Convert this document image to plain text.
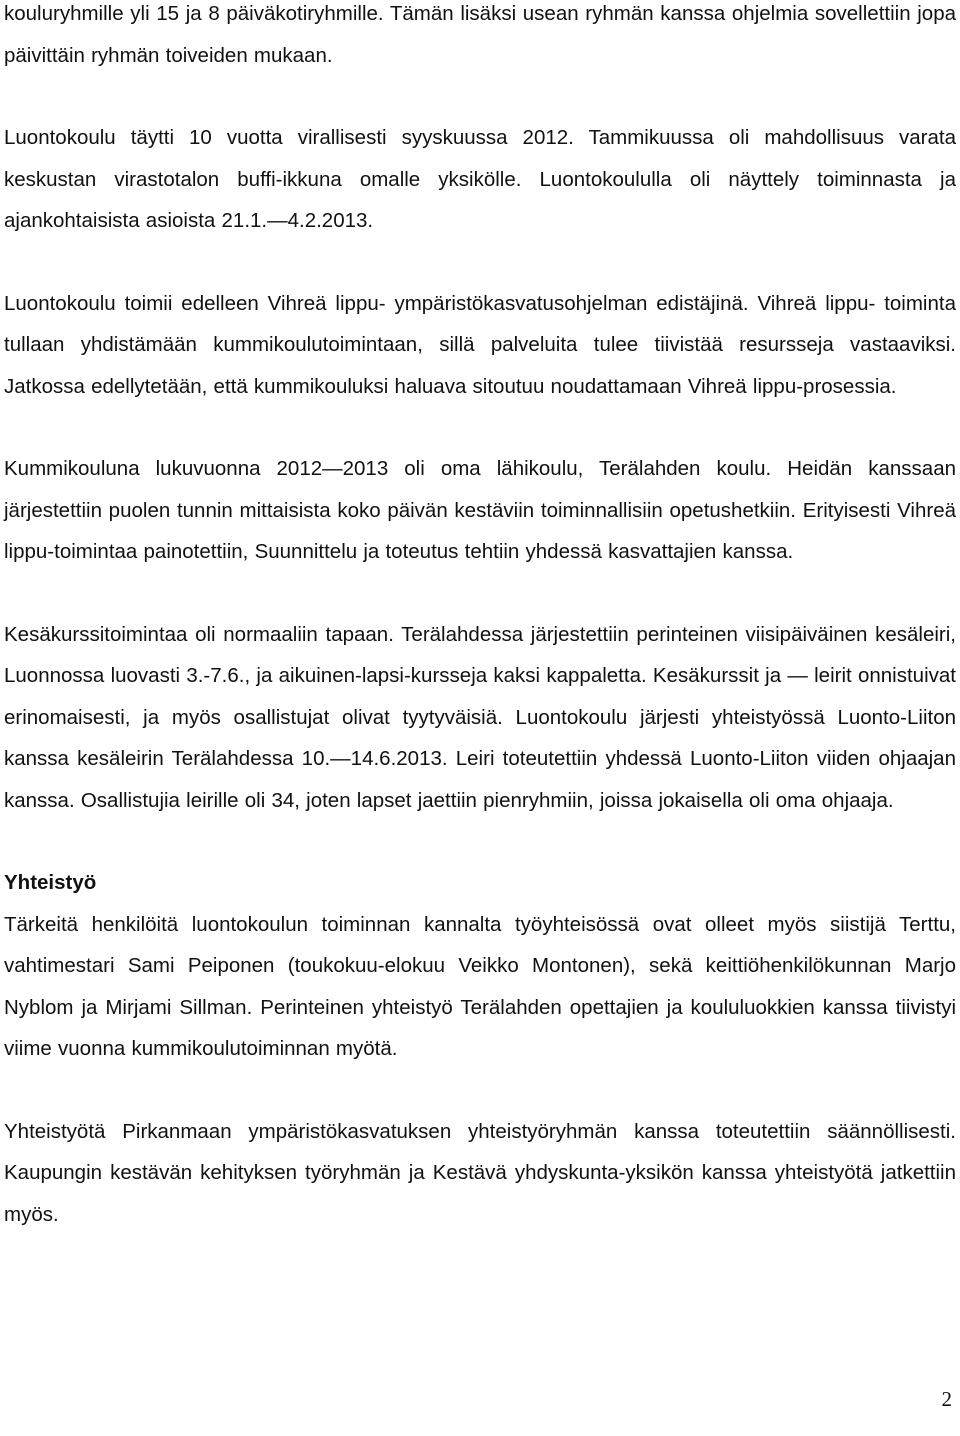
kouluryhmille yli 15 ja 8 päiväkotiryhmille. Tämän lisäksi usean ryhmän kanssa ohjelmia sovellettiin jopa päivittäin ryhmän toiveiden mukaan.

Luontokoulu täytti 10 vuotta virallisesti syyskuussa 2012. Tammikuussa oli mahdollisuus varata keskustan virastotalon buffi-ikkuna omalle yksikölle. Luontokoululla oli näyttely toiminnasta ja ajankohtaisista asioista 21.1.—4.2.2013.

Luontokoulu toimii edelleen Vihreä lippu- ympäristökasvatusohjelman edistäjinä. Vihreä lippu- toiminta tullaan yhdistämään kummikoulutoimintaan, sillä palveluita tulee tiivistää resursseja vastaaviksi. Jatkossa edellytetään, että kummikouluksi haluava sitoutuu noudattamaan Vihreä lippu-prosessia.

Kummikouluna lukuvuonna 2012—2013 oli oma lähikoulu, Terälahden koulu. Heidän kanssaan järjestettiin puolen tunnin mittaisista koko päivän kestäviin toiminnallisiin opetushetkiin. Erityisesti Vihreä lippu-toimintaa painotettiin, Suunnittelu ja toteutus tehtiin yhdessä kasvattajien kanssa.

Kesäkurssitoimintaa oli normaaliin tapaan. Terälahdessa järjestettiin perinteinen viisipäiväinen kesäleiri, Luonnossa luovasti 3.-7.6., ja aikuinen-lapsi-kursseja kaksi kappaletta. Kesäkurssit ja — leirit onnistuivat erinomaisesti, ja myös osallistujat olivat tyytyväisiä. Luontokoulu järjesti yhteistyössä Luonto-Liiton kanssa kesäleirin Terälahdessa 10.—14.6.2013. Leiri toteutettiin yhdessä Luonto-Liiton viiden ohjaajan kanssa. Osallistujia leirille oli 34, joten lapset jaettiin pienryhmiin, joissa jokaisella oli oma ohjaaja.

Yhteistyö

Tärkeitä henkilöitä luontokoulun toiminnan kannalta työyhteisössä ovat olleet myös siistijä Terttu, vahtimestari Sami Peiponen (toukokuu-elokuu Veikko Montonen), sekä keittiöhenkilökunnan Marjo Nyblom ja Mirjami Sillman. Perinteinen yhteistyö Terälahden opettajien ja koululuokkien kanssa tiivistyi viime vuonna kummikoulutoiminnan myötä.

Yhteistyötä Pirkanmaan ympäristökasvatuksen yhteistyöryhmän kanssa toteutettiin säännöllisesti. Kaupungin kestävän kehityksen työryhmän ja Kestävä yhdyskunta-yksikön kanssa yhteistyötä jatkettiin myös.

2
